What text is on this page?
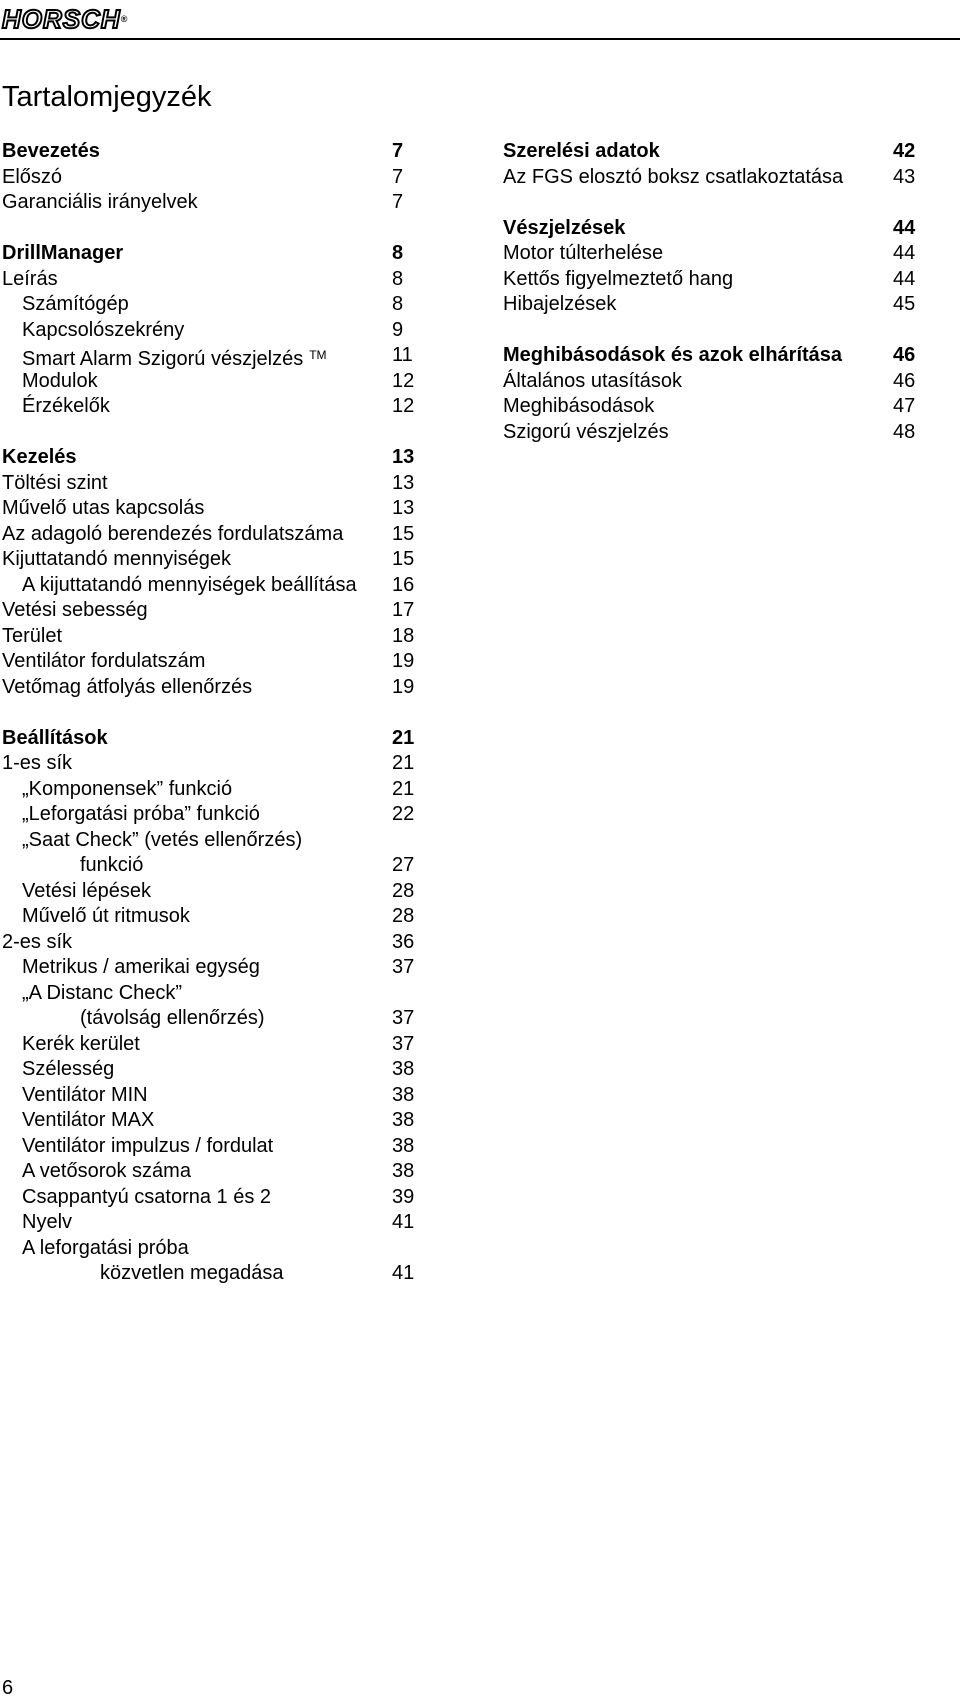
HORSCH®
Tartalomjegyzék
Bevezetés	7
Előszó	7
Garanciális irányelvek	7
DrillManager	8
Leírás	8
Számítógép	8
Kapcsolószekrény	9
Smart Alarm Szigorú vészjelzés ™	11
Modulok	12
Érzékelők	12
Kezelés	13
Töltési szint	13
Művelő utas kapcsolás	13
Az adagoló berendezés fordulatszáma 15
Kijuttatandó mennyiségek	15
A kijuttatandó mennyiségek beállítása 16
Vetési sebesség	17
Terület	18
Ventilátor fordulatszám	19
Vetőmag átfolyás ellenőrzés	19
Beállítások	21
1-es sík	21
„Komponensek” funkció	21
„Leforgatási próba” funkció	22
„Saat Check” (vetés ellenőrzés)
funkció	27
Vetési lépések	28
Művelő út ritmusok	28
2-es sík	36
Metrikus / amerikai egység	37
„A Distanc Check”
(távolság ellenőrzés)	37
Kerék kerület	37
Szélesség	38
Ventilátor MIN	38
Ventilátor MAX	38
Ventilátor impulzus / fordulat	38
A vetősorok száma	38
Csappantyú csatorna 1 és 2	39
Nyelv	41
A leforgatási próba
közvetlen megadása	41
Szerelési adatok	42
Az FGS elosztó boksz csatlakoztatása 43
Vészjelzések	44
Motor túlterhelése	44
Kettős figyelmeztető hang	44
Hibajelzések	45
Meghibásodások és azok elhárítása	46
Általános utasítások	46
Meghibásodások	47
Szigorú vészjelzés	48
6
